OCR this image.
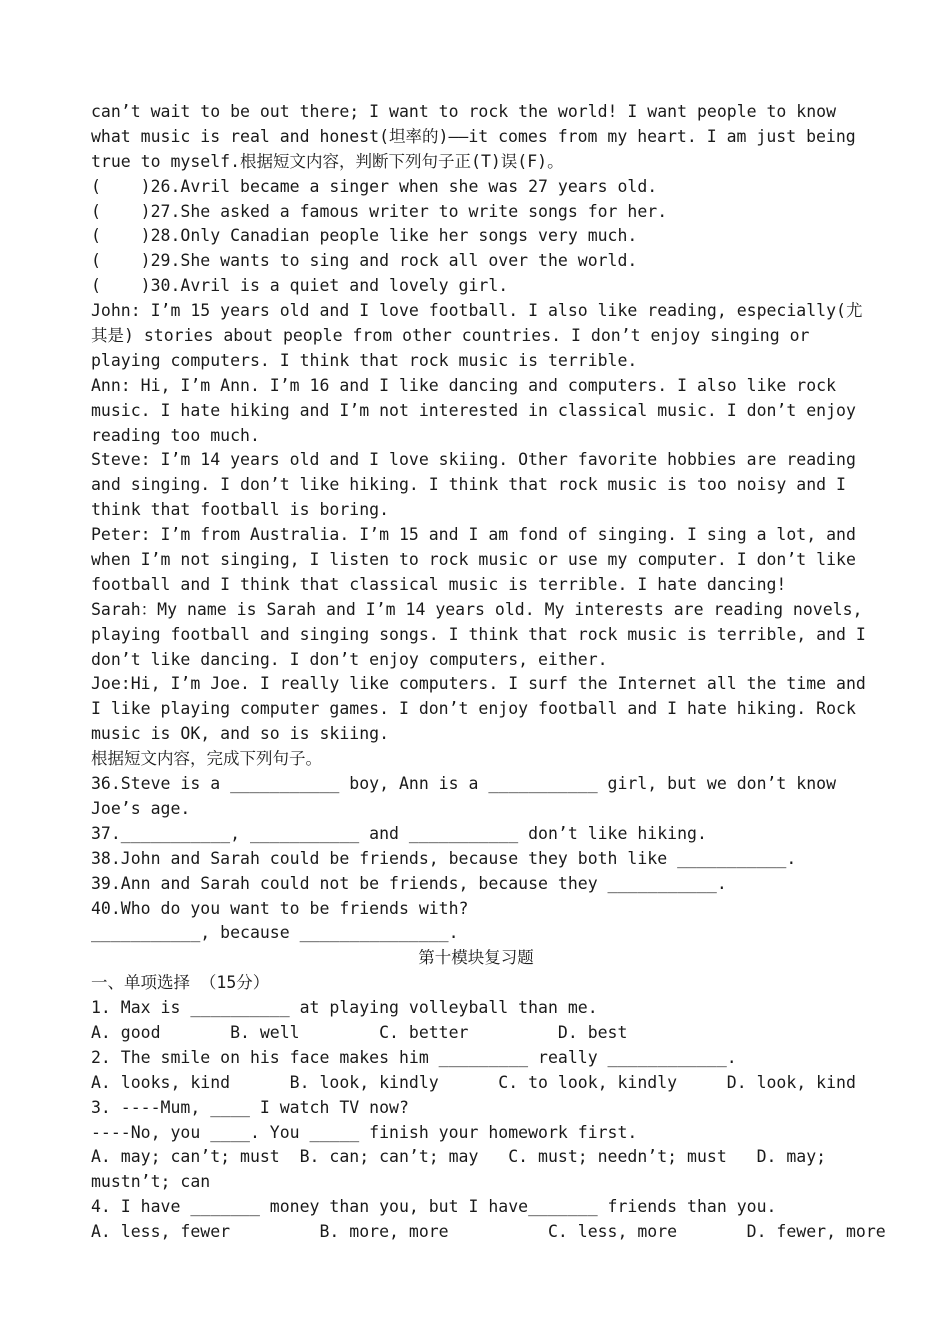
can’t wait to be out there; I want to rock the world! I want people to know
what music is real and honest(坦率的)——it comes from my heart. I am just being
true to myself.根据短文内容，判断下列句子正(T)误(F)。
(    )26.Avril became a singer when she was 27 years old.
(    )27.She asked a famous writer to write songs for her.
(    )28.Only Canadian people like her songs very much.
(    )29.She wants to sing and rock all over the world.
(    )30.Avril is a quiet and lovely girl.
John: I’m 15 years old and I love football. I also like reading, especially(尤
其是) stories about people from other countries. I don’t enjoy singing or
playing computers. I think that rock music is terrible.
Ann: Hi, I’m Ann. I’m 16 and I like dancing and computers. I also like rock
music. I hate hiking and I’m not interested in classical music. I don’t enjoy
reading too much.
Steve: I’m 14 years old and I love skiing. Other favorite hobbies are reading
and singing. I don’t like hiking. I think that rock music is too noisy and I
think that football is boring.
Peter: I’m from Australia. I’m 15 and I am fond of singing. I sing a lot, and
when I’m not singing, I listen to rock music or use my computer. I don’t like
football and I think that classical music is terrible. I hate dancing!
Sarah：My name is Sarah and I’m 14 years old. My interests are reading novels,
playing football and singing songs. I think that rock music is terrible, and I
don’t like dancing. I don’t enjoy computers, either.
Joe:Hi, I’m Joe. I really like computers. I surf the Internet all the time and
I like playing computer games. I don’t enjoy football and I hate hiking. Rock
music is OK, and so is skiing.
根据短文内容，完成下列句子。
36.Steve is a ___________ boy, Ann is a ___________ girl, but we don’t know
Joe’s age.
37.___________, ___________ and ___________ don’t like hiking.
38.John and Sarah could be friends, because they both like ___________.
39.Ann and Sarah could not be friends, because they ___________.
40.Who do you want to be friends with?
___________, because _______________.
第十模块复习题
一、单项选择 （15分）
1. Max is __________ at playing volleyball than me.
A. good       B. well        C. better         D. best
2. The smile on his face makes him _________ really ____________.
A. looks, kind      B. look, kindly      C. to look, kindly     D. look, kind
3. ----Mum, ____ I watch TV now?
----No, you ____. You _____ finish your homework first.
A. may; can’t; must  B. can; can’t; may   C. must; needn’t; must   D. may;
mustn’t; can
4. I have _______ money than you, but I have_______ friends than you.
A. less, fewer         B. more, more          C. less, more       D. fewer, more
